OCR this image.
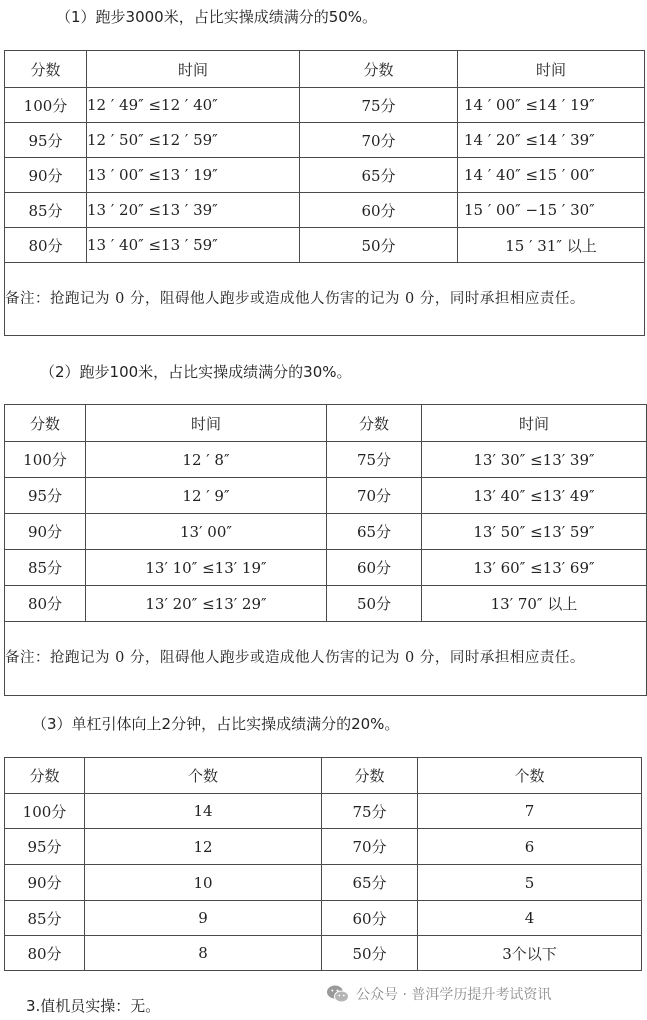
（1）跑步3000米，占比实操成绩满分的50%。
分数	时间	分数	时间
100分	12 ′ 49″ ≤12 ′ 40″	75分	14 ′ 00″ ≤14 ′ 19″
95分	12 ′ 50″ ≤12 ′ 59″	70分	14 ′ 20″ ≤14 ′ 39″
90分	13 ′ 00″ ≤13 ′ 19″	65分	14 ′ 40″ ≤15 ′ 00″
85分	13 ′ 20″ ≤13 ′ 39″	60分	15 ′ 00″ −15 ′ 30″
80分	13 ′ 40″ ≤13 ′ 59″	50分	15 ′ 31″ 以上
备注：抢跑记为 0 分，阻碍他人跑步或造成他人伤害的记为 0 分，同时承担相应责任。			
（2）跑步100米，占比实操成绩满分的30%。
分数	时间	分数	时间
100分	12 ′ 8″	75分	13′ 30″ ≤13′ 39″
95分	12 ′ 9″	70分	13′ 40″ ≤13′ 49″
90分	13′ 00″	65分	13′ 50″ ≤13′ 59″
85分	13′ 10″ ≤13′ 19″	60分	13′ 60″ ≤13′ 69″
80分	13′ 20″ ≤13′ 29″	50分	13′ 70″ 以上
备注：抢跑记为 0 分，阻碍他人跑步或造成他人伤害的记为 0 分，同时承担相应责任。			
（3）单杠引体向上2分钟，占比实操成绩满分的20%。
分数	个数	分数	个数
100分	14	75分	7
95分	12	70分	6
90分	10	65分	5
85分	9	60分	4
80分	8	50分	3个以下
3.值机员实操：无。
公众号 · 普洱学历提升考试资讯
